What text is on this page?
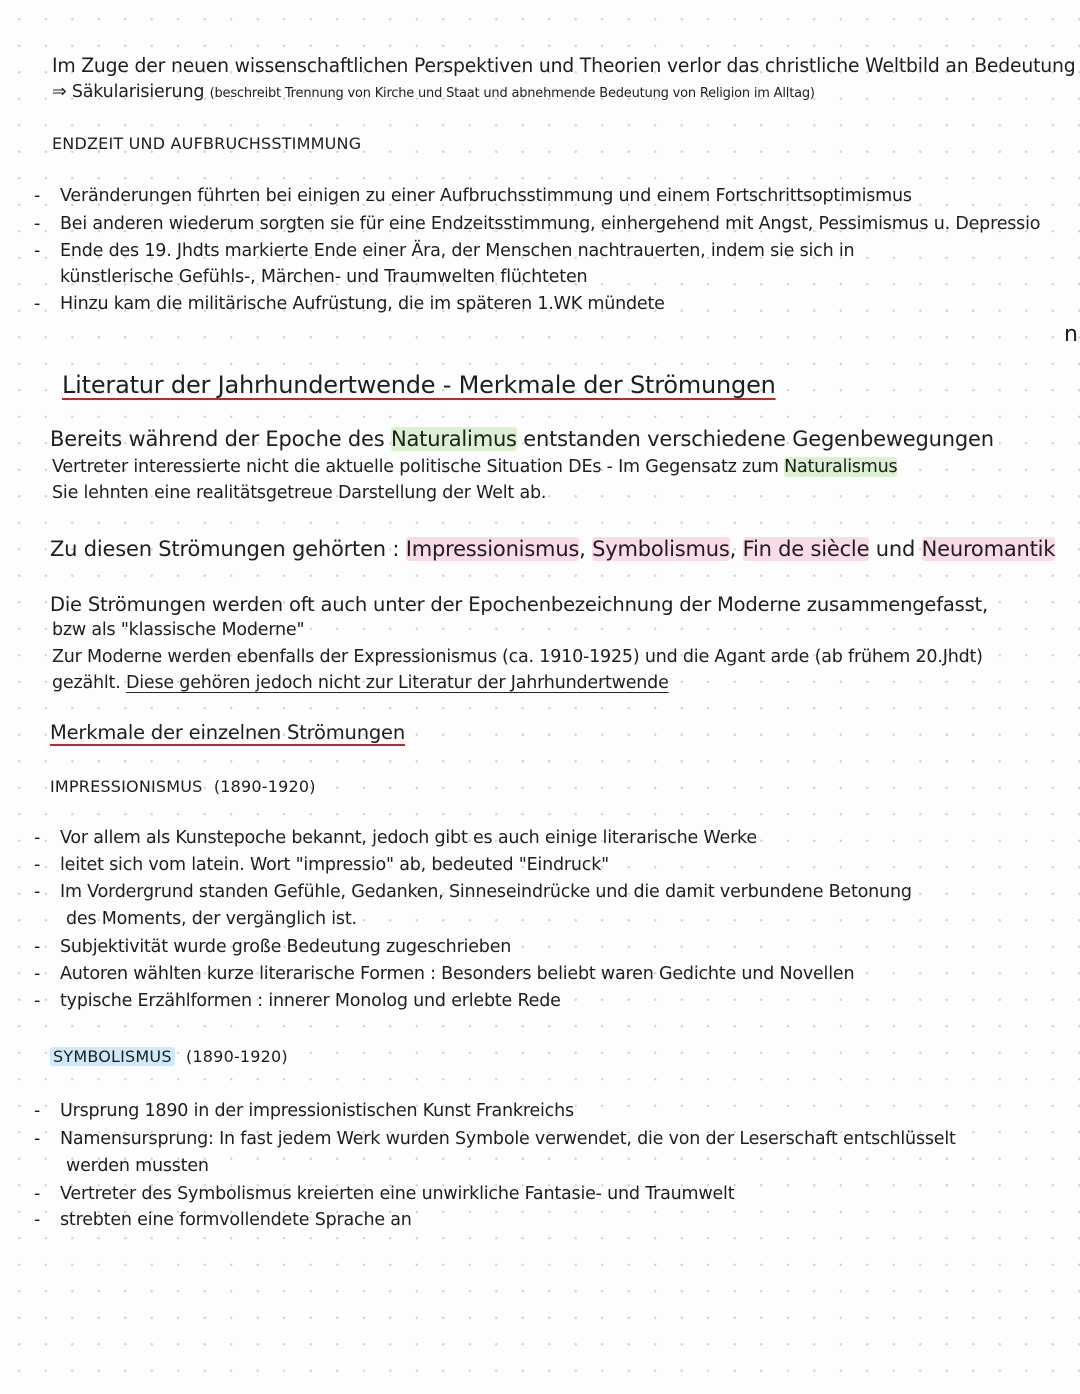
Im Zuge der neuen wissenschaftlichen Perspektiven und Theorien verlor das christliche Weltbild an Bedeutung
⇒ Säkularisierung (beschreibt Trennung von Kirche und Staat und abnehmende Bedeutung von Religion im Alltag)
ENDZEIT UND AUFBRUCHSSTIMMUNG
- Veränderungen führten bei einigen zu einer Aufbruchsstimmung und einem Fortschrittsoptimismus
- Bei anderen wiederum sorgten sie für eine Endzeitsstimmung, einhergehend mit Angst, Pessimismus u. Depressio
- Ende des 19. Jhdts markierte Ende einer Ära, der Menschen nachtrauerten, indem sie sich in
künstlerische Gefühls-, Märchen- und Traumwelten flüchteten
- Hinzu kam die militärische Aufrüstung, die im späteren 1.WK mündete
n
Literatur der Jahrhundertwende - Merkmale der Strömungen
Bereits während der Epoche des Naturalimus entstanden verschiedene Gegenbewegungen
Vertreter interessierte nicht die aktuelle politische Situation DEs - Im Gegensatz zum Naturalismus
Sie lehnten eine realitätsgetreue Darstellung der Welt ab.
Zu diesen Strömungen gehörten : Impressionismus, Symbolismus, Fin de siècle und Neuromantik
Die Strömungen werden oft auch unter der Epochenbezeichnung der Moderne zusammengefasst,
bzw als "klassische Moderne"
Zur Moderne werden ebenfalls der Expressionismus (ca. 1910-1925) und die Agant arde (ab frühem 20.Jhdt)
gezählt. Diese gehören jedoch nicht zur Literatur der Jahrhundertwende
Merkmale der einzelnen Strömungen
IMPRESSIONISMUS (1890-1920)
- Vor allem als Kunstepoche bekannt, jedoch gibt es auch einige literarische Werke
- leitet sich vom latein. Wort "impressio" ab, bedeuted "Eindruck"
- Im Vordergrund standen Gefühle, Gedanken, Sinneseindrücke und die damit verbundene Betonung
des Moments, der vergänglich ist.
- Subjektivität wurde große Bedeutung zugeschrieben
- Autoren wählten kurze literarische Formen : Besonders beliebt waren Gedichte und Novellen
- typische Erzählformen : innerer Monolog und erlebte Rede
SYMBOLISMUS (1890-1920)
- Ursprung 1890 in der impressionistischen Kunst Frankreichs
- Namensursprung: In fast jedem Werk wurden Symbole verwendet, die von der Leserschaft entschlüsselt
werden mussten
- Vertreter des Symbolismus kreierten eine unwirkliche Fantasie- und Traumwelt
- strebten eine formvollendete Sprache an
